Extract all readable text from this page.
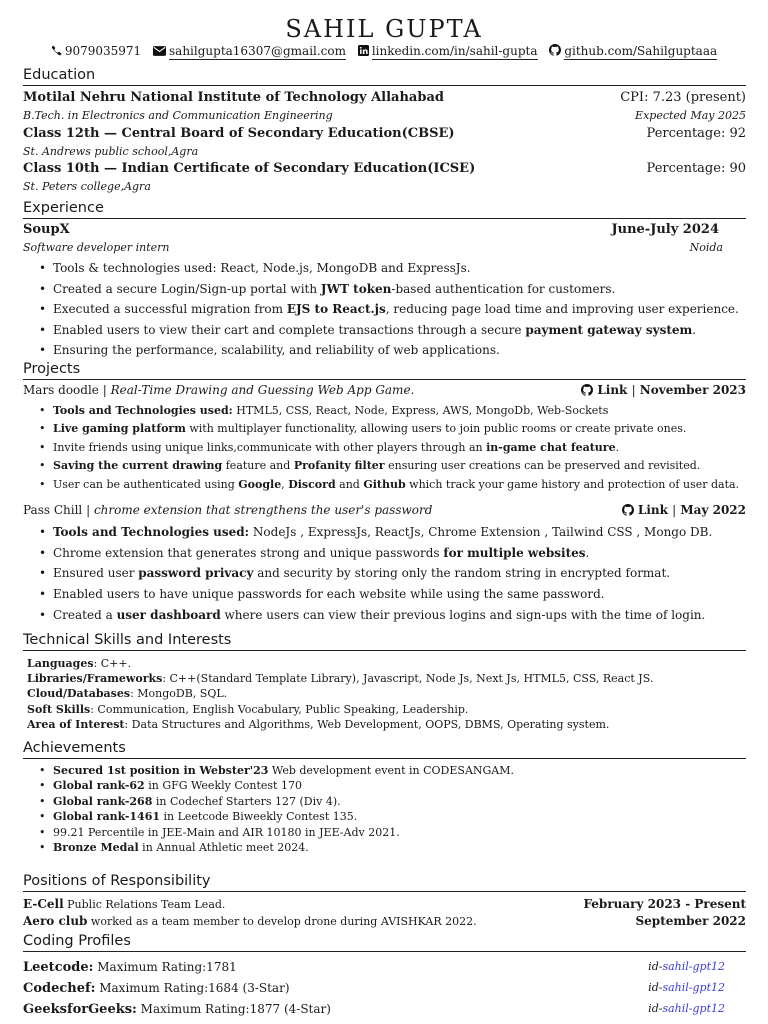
SAHIL GUPTA
9079035971 sahilgupta16307@gmail.com linkedin.com/in/sahil-gupta github.com/Sahilguptaaa
Education
Motilal Nehru National Institute of Technology Allahabad	CPI: 7.23 (present)
B.Tech. in Electronics and Communication Engineering	Expected May 2025
Class 12th — Central Board of Secondary Education(CBSE)	Percentage: 92
St. Andrews public school,Agra
Class 10th — Indian Certificate of Secondary Education(ICSE)	Percentage: 90
St. Peters college,Agra
Experience
SoupX	June-July 2024
Software developer intern	Noida
• Tools & technologies used: React, Node.js, MongoDB and ExpressJs.
• Created a secure Login/Sign-up portal with JWT token-based authentication for customers.
• Executed a successful migration from EJS to React.js, reducing page load time and improving user experience.
• Enabled users to view their cart and complete transactions through a secure payment gateway system.
• Ensuring the performance, scalability, and reliability of web applications.
Projects
Mars doodle | Real-Time Drawing and Guessing Web App Game.	Link | November 2023
• Tools and Technologies used: HTML5, CSS, React, Node, Express, AWS, MongoDb, Web-Sockets
• Live gaming platform with multiplayer functionality, allowing users to join public rooms or create private ones.
• Invite friends using unique links,communicate with other players through an in-game chat feature.
• Saving the current drawing feature and Profanity filter ensuring user creations can be preserved and revisited.
• User can be authenticated using Google, Discord and Github which track your game history and protection of user data.
Pass Chill | chrome extension that strengthens the user's password	Link | May 2022
• Tools and Technologies used: NodeJs , ExpressJs, ReactJs, Chrome Extension , Tailwind CSS , Mongo DB.
• Chrome extension that generates strong and unique passwords for multiple websites.
• Ensured user password privacy and security by storing only the random string in encrypted format.
• Enabled users to have unique passwords for each website while using the same password.
• Created a user dashboard where users can view their previous logins and sign-ups with the time of login.
Technical Skills and Interests
Languages: C++.
Libraries/Frameworks: C++(Standard Template Library), Javascript, Node Js, Next Js, HTML5, CSS, React JS.
Cloud/Databases: MongoDB, SQL.
Soft Skills: Communication, English Vocabulary, Public Speaking, Leadership.
Area of Interest: Data Structures and Algorithms, Web Development, OOPS, DBMS, Operating system.
Achievements
• Secured 1st position in Webster'23 Web development event in CODESANGAM.
• Global rank-62 in GFG Weekly Contest 170
• Global rank-268 in Codechef Starters 127 (Div 4).
• Global rank-1461 in Leetcode Biweekly Contest 135.
• 99.21 Percentile in JEE-Main and AIR 10180 in JEE-Adv 2021.
• Bronze Medal in Annual Athletic meet 2024.
Positions of Responsibility
E-Cell Public Relations Team Lead.	February 2023 - Present
Aero club worked as a team member to develop drone during AVISHKAR 2022.	September 2022
Coding Profiles
Leetcode: Maximum Rating:1781	id-sahil-gpt12
Codechef: Maximum Rating:1684 (3-Star)	id-sahil-gpt12
GeeksforGeeks: Maximum Rating:1877 (4-Star)	id-sahil-gpt12
